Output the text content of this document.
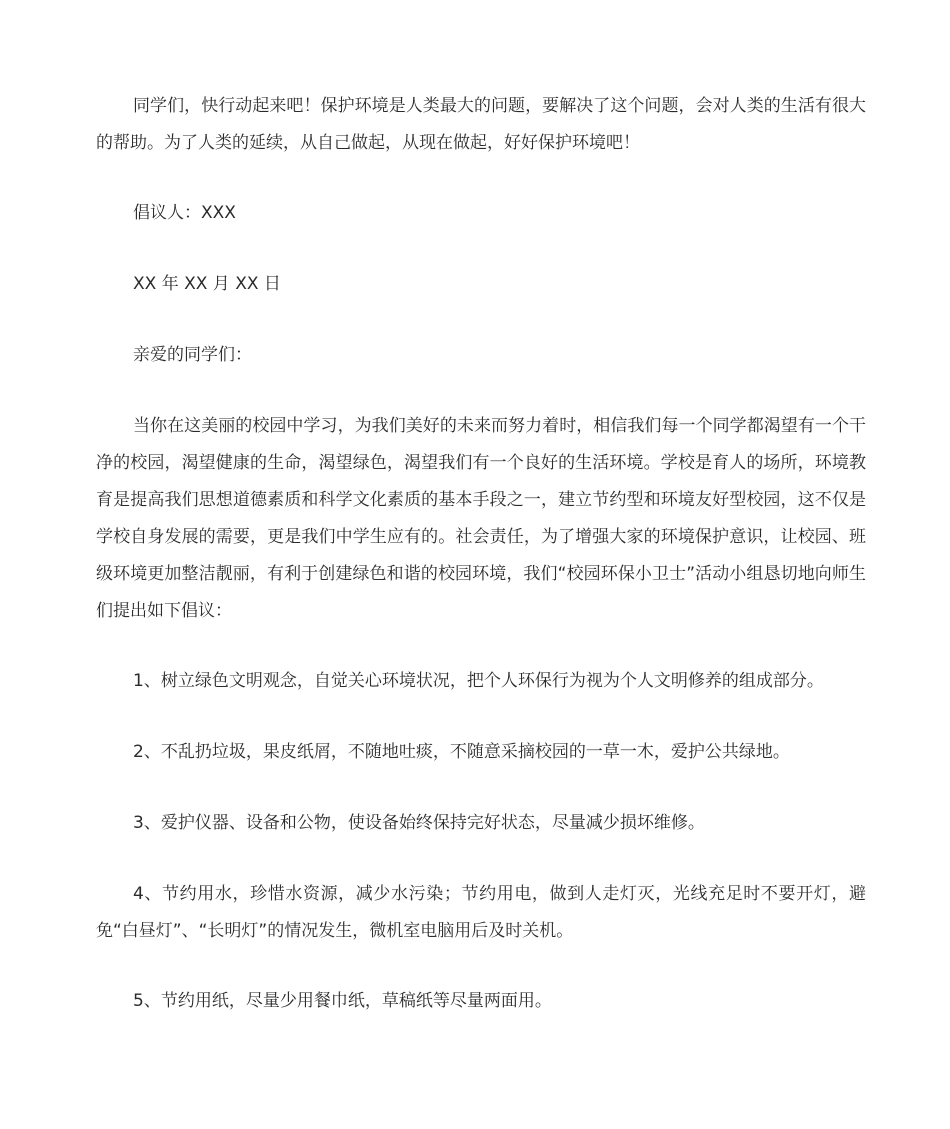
同学们，快行动起来吧！保护环境是人类最大的问题，要解决了这个问题，会对人类的生活有很大的帮助。为了人类的延续，从自己做起，从现在做起，好好保护环境吧！

倡议人：XXX

XX 年 XX 月 XX 日

亲爱的同学们：

当你在这美丽的校园中学习，为我们美好的未来而努力着时，相信我们每一个同学都渴望有一个干净的校园，渴望健康的生命，渴望绿色，渴望我们有一个良好的生活环境。学校是育人的场所，环境教育是提高我们思想道德素质和科学文化素质的基本手段之一，建立节约型和环境友好型校园，这不仅是学校自身发展的需要，更是我们中学生应有的。社会责任，为了增强大家的环境保护意识，让校园、班级环境更加整洁靓丽，有利于创建绿色和谐的校园环境，我们“校园环保小卫士”活动小组恳切地向师生们提出如下倡议：

1、树立绿色文明观念，自觉关心环境状况，把个人环保行为视为个人文明修养的组成部分。

2、不乱扔垃圾，果皮纸屑，不随地吐痰，不随意采摘校园的一草一木，爱护公共绿地。

3、爱护仪器、设备和公物，使设备始终保持完好状态，尽量减少损坏维修。

4、节约用水，珍惜水资源，减少水污染；节约用电，做到人走灯灭，光线充足时不要开灯，避免“白昼灯”、“长明灯”的情况发生，微机室电脑用后及时关机。

5、节约用纸，尽量少用餐巾纸，草稿纸等尽量两面用。
